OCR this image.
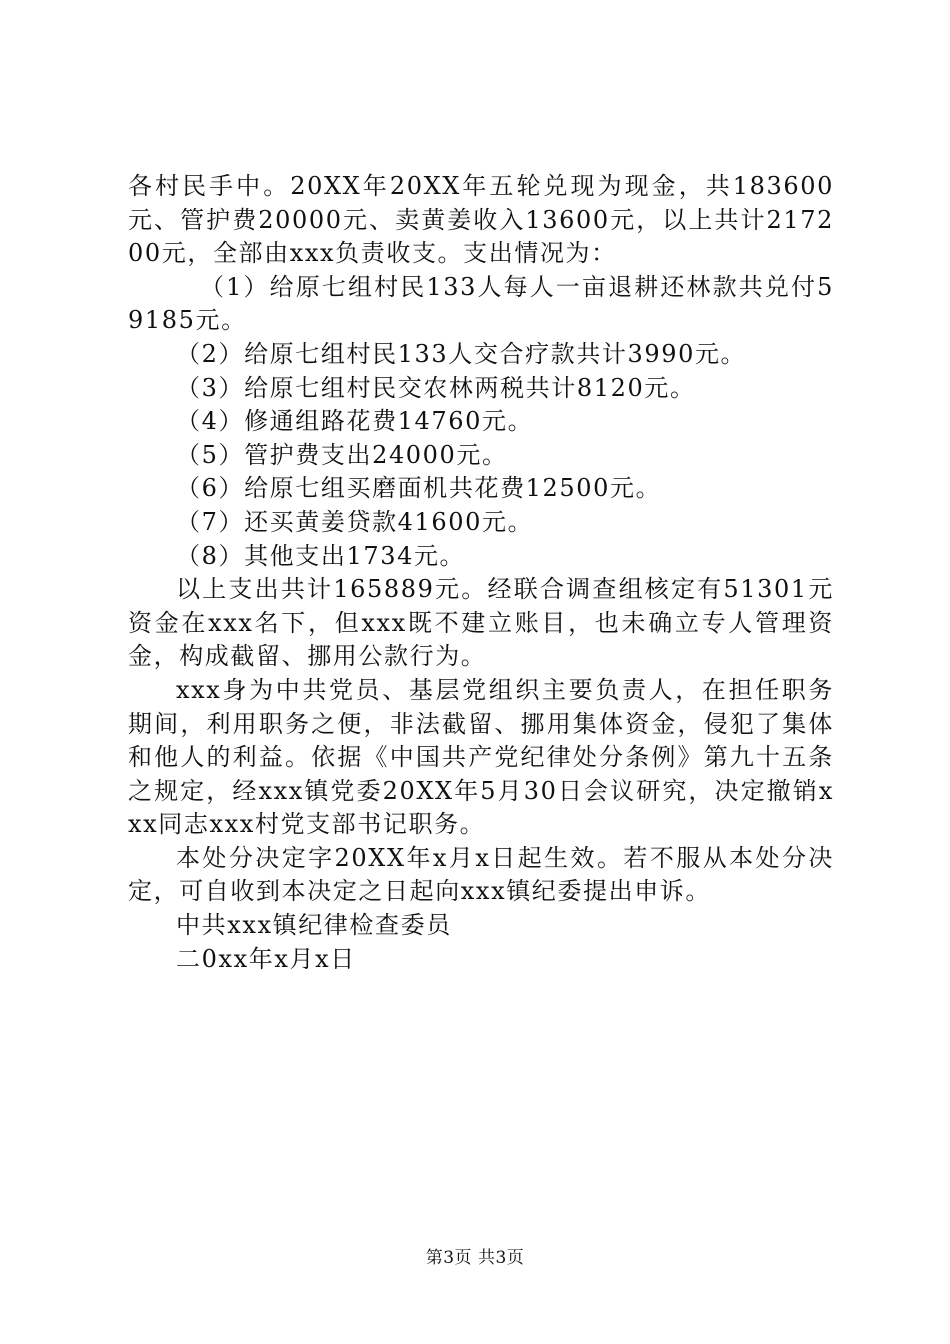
各村民手中。20XX年20XX年五轮兑现为现金，共183600元、管护费20000元、卖黄姜收入13600元，以上共计217200元，全部由xxx负责收支。支出情况为：

（1）给原七组村民133人每人一亩退耕还林款共兑付59185元。

（2）给原七组村民133人交合疗款共计3990元。

（3）给原七组村民交农林两税共计8120元。

（4）修通组路花费14760元。

（5）管护费支出24000元。

（6）给原七组买磨面机共花费12500元。

（7）还买黄姜贷款41600元。

（8）其他支出1734元。

以上支出共计165889元。经联合调查组核定有51301元资金在xxx名下，但xxx既不建立账目，也未确立专人管理资金，构成截留、挪用公款行为。

xxx身为中共党员、基层党组织主要负责人，在担任职务期间，利用职务之便，非法截留、挪用集体资金，侵犯了集体和他人的利益。依据《中国共产党纪律处分条例》第九十五条之规定，经xxx镇党委20XX年5月30日会议研究，决定撤销xxx同志xxx村党支部书记职务。

本处分决定字20XX年x月x日起生效。若不服从本处分决定，可自收到本决定之日起向xxx镇纪委提出申诉。

中共xxx镇纪律检查委员

二0xx年x月x日

第3页 共3页
